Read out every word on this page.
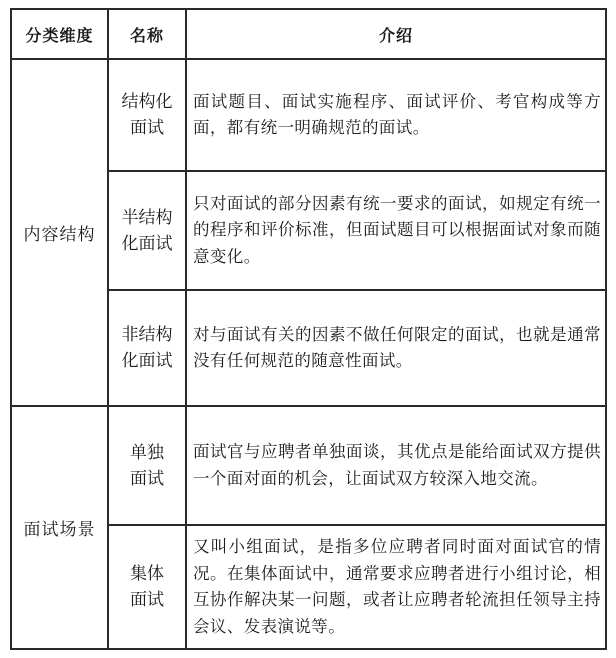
分类维度	名称	介绍
内容结构
面试场景
结构化
面试
面试题目、面试实施程序、面试评价、考官构成等方面，都有统一明确规范的面试。
半结构
化面试
只对面试的部分因素有统一要求的面试，如规定有统一的程序和评价标准，但面试题目可以根据面试对象而随意变化。
非结构
化面试
对与面试有关的因素不做任何限定的面试，也就是通常没有任何规范的随意性面试。
单独
面试
面试官与应聘者单独面谈，其优点是能给面试双方提供一个面对面的机会，让面试双方较深入地交流。
集体
面试
又叫小组面试，是指多位应聘者同时面对面试官的情况。在集体面试中，通常要求应聘者进行小组讨论，相互协作解决某一问题，或者让应聘者轮流担任领导主持会议、发表演说等。
